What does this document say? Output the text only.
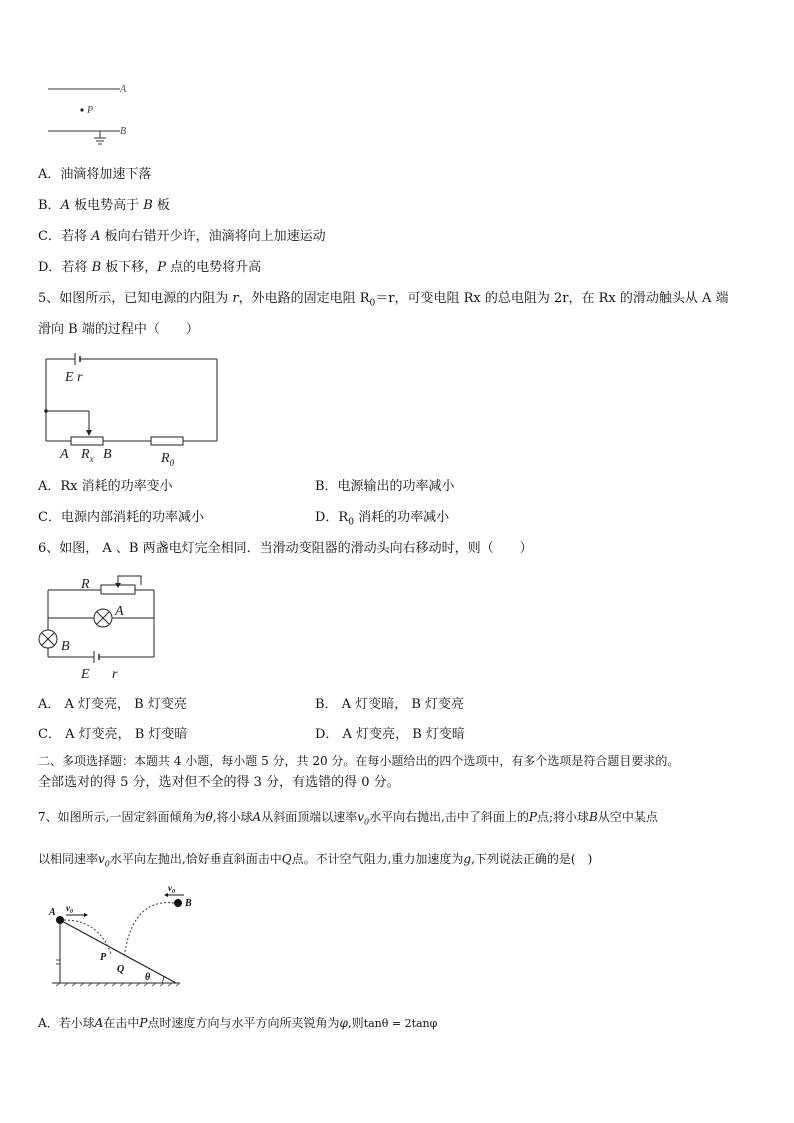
A
P
B
A．油滴将加速下落
B．A 板电势高于 B 板
C．若将 A 板向右错开少许，油滴将向上加速运动
D．若将 B 板下移，P 点的电势将升高
5、如图所示，已知电源的内阻为 r，外电路的固定电阻 $R_0=r$，可变电阻 Rx 的总电阻为 2r，在 Rx 的滑动触头从 A 端
滑向 B 端的过程中（　　）
E r
A $R_x$ B	$R_0$
A．Rx 消耗的功率变小	B．电源输出的功率减小
C．电源内部消耗的功率减小	D．$R_0$ 消耗的功率减小
6、如图， A 、B 两盏电灯完全相同．当滑动变阻器的滑动头向右移动时，则（　　）
R
A
B
E r
A． A 灯变亮， B 灯变亮	B． A 灯变暗， B 灯变亮
C． A 灯变亮， B 灯变暗	D． A 灯变亮， B 灯变暗
二、多项选择题：本题共 4 小题，每小题 5 分，共 20 分。在每小题给出的四个选项中，有多个选项是符合题目要求的。
全部选对的得 5 分，选对但不全的得 3 分，有选错的得 0 分。
7、如图所示,一固定斜面倾角为θ,将小球A从斜面顶端以速率$v_0$水平向右抛出,击中了斜面上的P点;将小球B从空中某点
以相同速率$v_0$水平向左抛出,恰好垂直斜面击中Q点。不计空气阻力,重力加速度为g,下列说法正确的是(　)
A $v_0$
P
B
$v_0$
Q
θ
A．若小球A在击中P点时速度方向与水平方向所夹锐角为φ,则tanθ = 2tanφ
